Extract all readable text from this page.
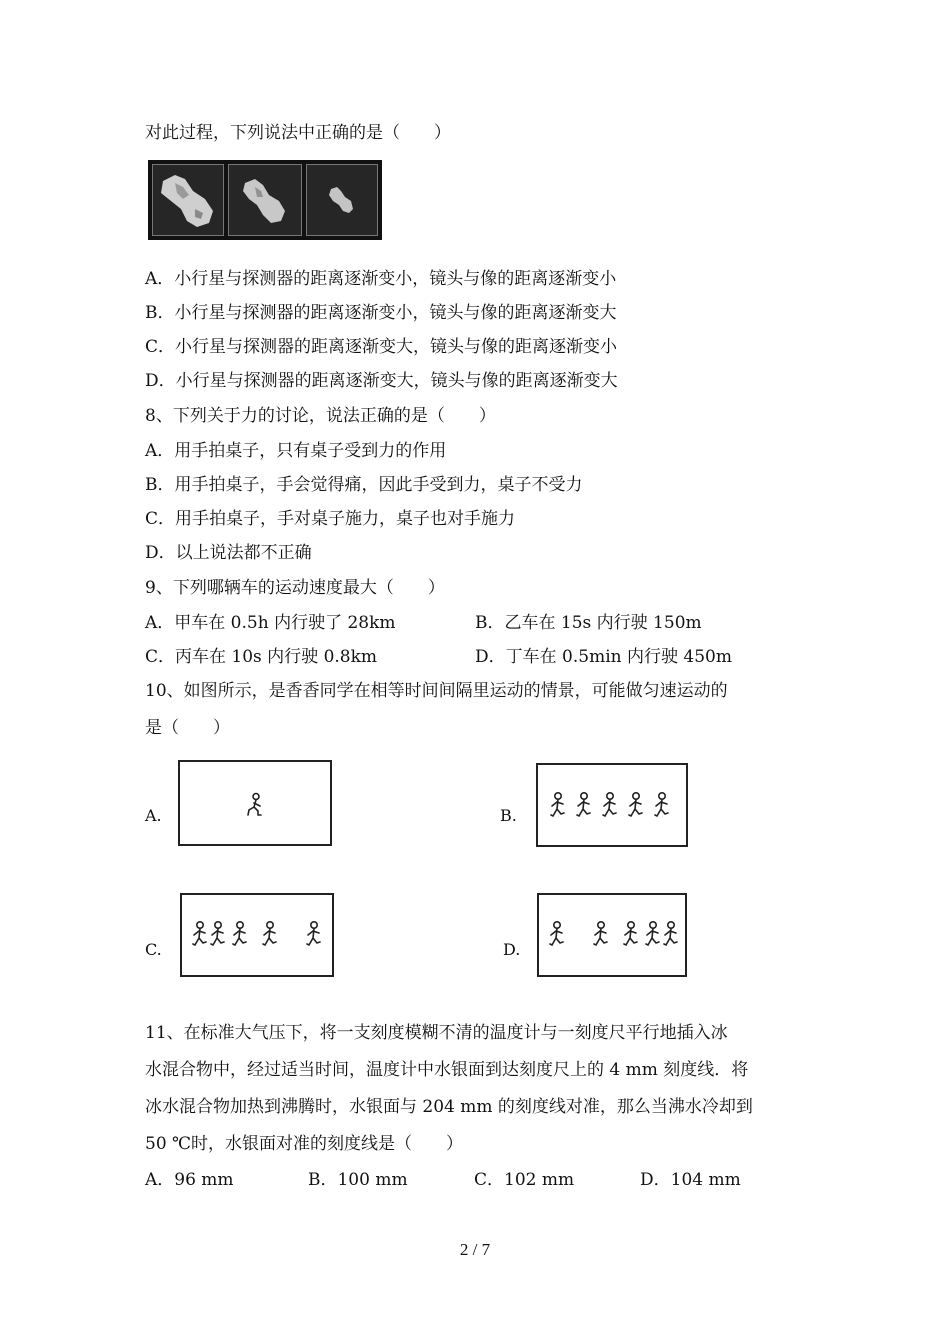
对此过程，下列说法中正确的是（　　）
A．小行星与探测器的距离逐渐变小，镜头与像的距离逐渐变小
B．小行星与探测器的距离逐渐变小，镜头与像的距离逐渐变大
C．小行星与探测器的距离逐渐变大，镜头与像的距离逐渐变小
D．小行星与探测器的距离逐渐变大，镜头与像的距离逐渐变大
8、下列关于力的讨论，说法正确的是（　　）
A．用手拍桌子，只有桌子受到力的作用
B．用手拍桌子，手会觉得痛，因此手受到力，桌子不受力
C．用手拍桌子，手对桌子施力，桌子也对手施力
D．以上说法都不正确
9、下列哪辆车的运动速度最大（　　）
A．甲车在 0.5h 内行驶了 28km	B．乙车在 15s 内行驶 150m
C．丙车在 10s 内行驶 0.8km	D．丁车在 0.5min 内行驶 450m
10、如图所示，是香香同学在相等时间间隔里运动的情景，可能做匀速运动的
是（　　）
A.	B.
C.	D.
11、在标准大气压下，将一支刻度模糊不清的温度计与一刻度尺平行地插入冰
水混合物中，经过适当时间，温度计中水银面到达刻度尺上的 4 mm 刻度线．将
冰水混合物加热到沸腾时，水银面与 204 mm 的刻度线对准，那么当沸水冷却到
50 ℃时，水银面对准的刻度线是（　　）
A．96 mm	B．100 mm	C．102 mm	D．104 mm
2 / 7
